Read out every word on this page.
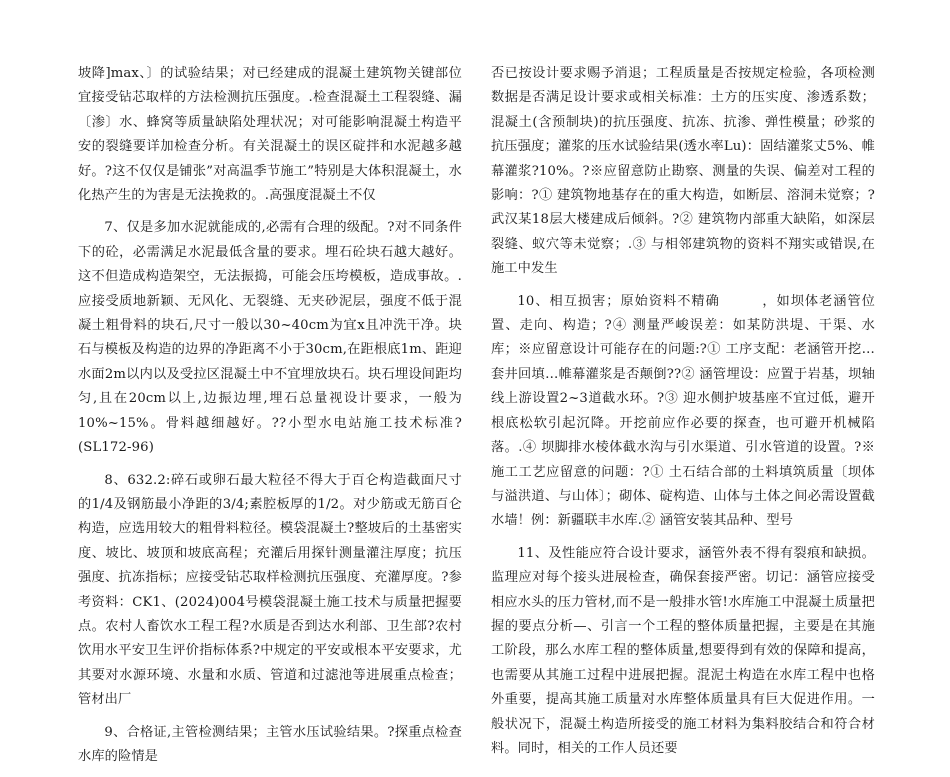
坡降]max、〕的试验结果；对已经建成的混凝土建筑物关键部位宜接受钻芯取样的方法检测抗压强度。.检查混凝土工程裂缝、漏〔渗〕水、蜂窝等质量缺陷处理状况；对可能影响混凝土构造平安的裂缝要详加检查分析。有关混凝土的误区碇拌和水泥越多越好。?这不仅仅是铺张”对高温季节施工”特别是大体积混凝土，水化热产生的为害是无法挽救的。.高强度混凝土不仅

7、仅是多加水泥就能成的,必需有合理的级配。?对不同条件下的砼，必需满足水泥最低含量的要求。埋石砼块石越大越好。这不但造成构造架空，无法振捣，可能会压垮模板，造成事故。.应接受质地新颖、无风化、无裂缝、无夹砂泥层，强度不低于混凝土粗骨料的块石,尺寸一般以30~40cm为宜x且冲洗干净。块石与模板及构造的边界的净距离不小于30cm,在距根底1m、距迎水面2m以内以及受拉区混凝土中不宜埋放块石。块石埋设间距均匀,且在20cm以上,边振边埋,埋石总量视设计要求，一般为10%~15%。骨料越细越好。??小型水电站施工技术标准?(SL172-96)

8、632.2:碎石或卵石最大粒径不得大于百仑构造截面尺寸的1/4及钢筋最小净距的3/4;素腔板厚的1/2。对少筋或无筋百仑构造，应选用较大的粗骨料粒径。模袋混凝土?整坡后的土基密实度、坡比、坡顶和坡底高程；充灌后用探针测量灌注厚度；抗压强度、抗冻指标；应接受钻芯取样检测抗压强度、充灌厚度。?参考资料：CK1、(2024)004号模袋混凝土施工技术与质量把握要点。农村人畜饮水工程工程?水质是否到达水利部、卫生部?农村饮用水平安卫生评价指标体系?中规定的平安或根本平安要求，尤其要对水源环境、水量和水质、管道和过滤池等进展重点检查；管材出厂

9、合格证,主管检测结果；主管水压试验结果。?探重点检查水库的险情是

否已按设计要求赐予消退；工程质量是否按规定检验，各项检测数据是否满足设计要求或相关标准：土方的压实度、渗透系数；混凝土(含预制块)的抗压强度、抗冻、抗渗、弹性模量；砂浆的抗压强度；灌浆的压水试验结果(透水率Lu)：固结灌浆丈5%、帷幕灌浆?10%。?※应留意防止勘察、测量的失误、偏差对工程的影响：?① 建筑物地基存在的重大构造，如断层、溶洞未觉察；?武汉某18层大楼建成后倾斜。?② 建筑物内部重大缺陷，如深层裂缝、蚁穴等未觉察；.③ 与相邻建筑物的资料不翔实或错误,在施工中发生

10、相互损害；原始资料不精确　　　，如坝体老涵管位置、走向、构造；?④ 测量严峻误差：如某防洪堤、干渠、水库；※应留意设计可能存在的问题:?① 工序支配：老涵管开挖…套井回填…帷幕灌浆是否颠倒??② 涵管埋设：应置于岩基，坝轴线上游设置2~3道截水环。?③ 迎水侧护坡基座不宜过低，避开根底松软引起沉降。开挖前应作必要的探查，也可避开机械陷落。.④ 坝脚排水棱体截水沟与引水渠道、引水管道的设置。?※施工工艺应留意的问题：?① 土石结合部的土料填筑质量〔坝体与溢洪道、与山体〕；砌体、碇构造、山体与土体之间必需设置截水墙！例：新疆联丰水库.② 涵管安装其品种、型号

11、及性能应符合设计要求，涵管外表不得有裂痕和缺损。监理应对每个接头进展检查，确保套接严密。切记：涵管应接受相应水头的压力管材,而不是一般排水管!水库施工中混凝土质量把握的要点分析—、引言一个工程的整体质量把握，主要是在其施工阶段，那么水库工程的整体质量,想要得到有效的保障和提高，也需要从其施工过程中进展把握。混泥土构造在水库工程中也格外重要，提高其施工质量对水库整体质量具有巨大促进作用。一般状况下，混凝土构造所接受的施工材料为集料胶结合和符合材料。同时，相关的工作人员还要
